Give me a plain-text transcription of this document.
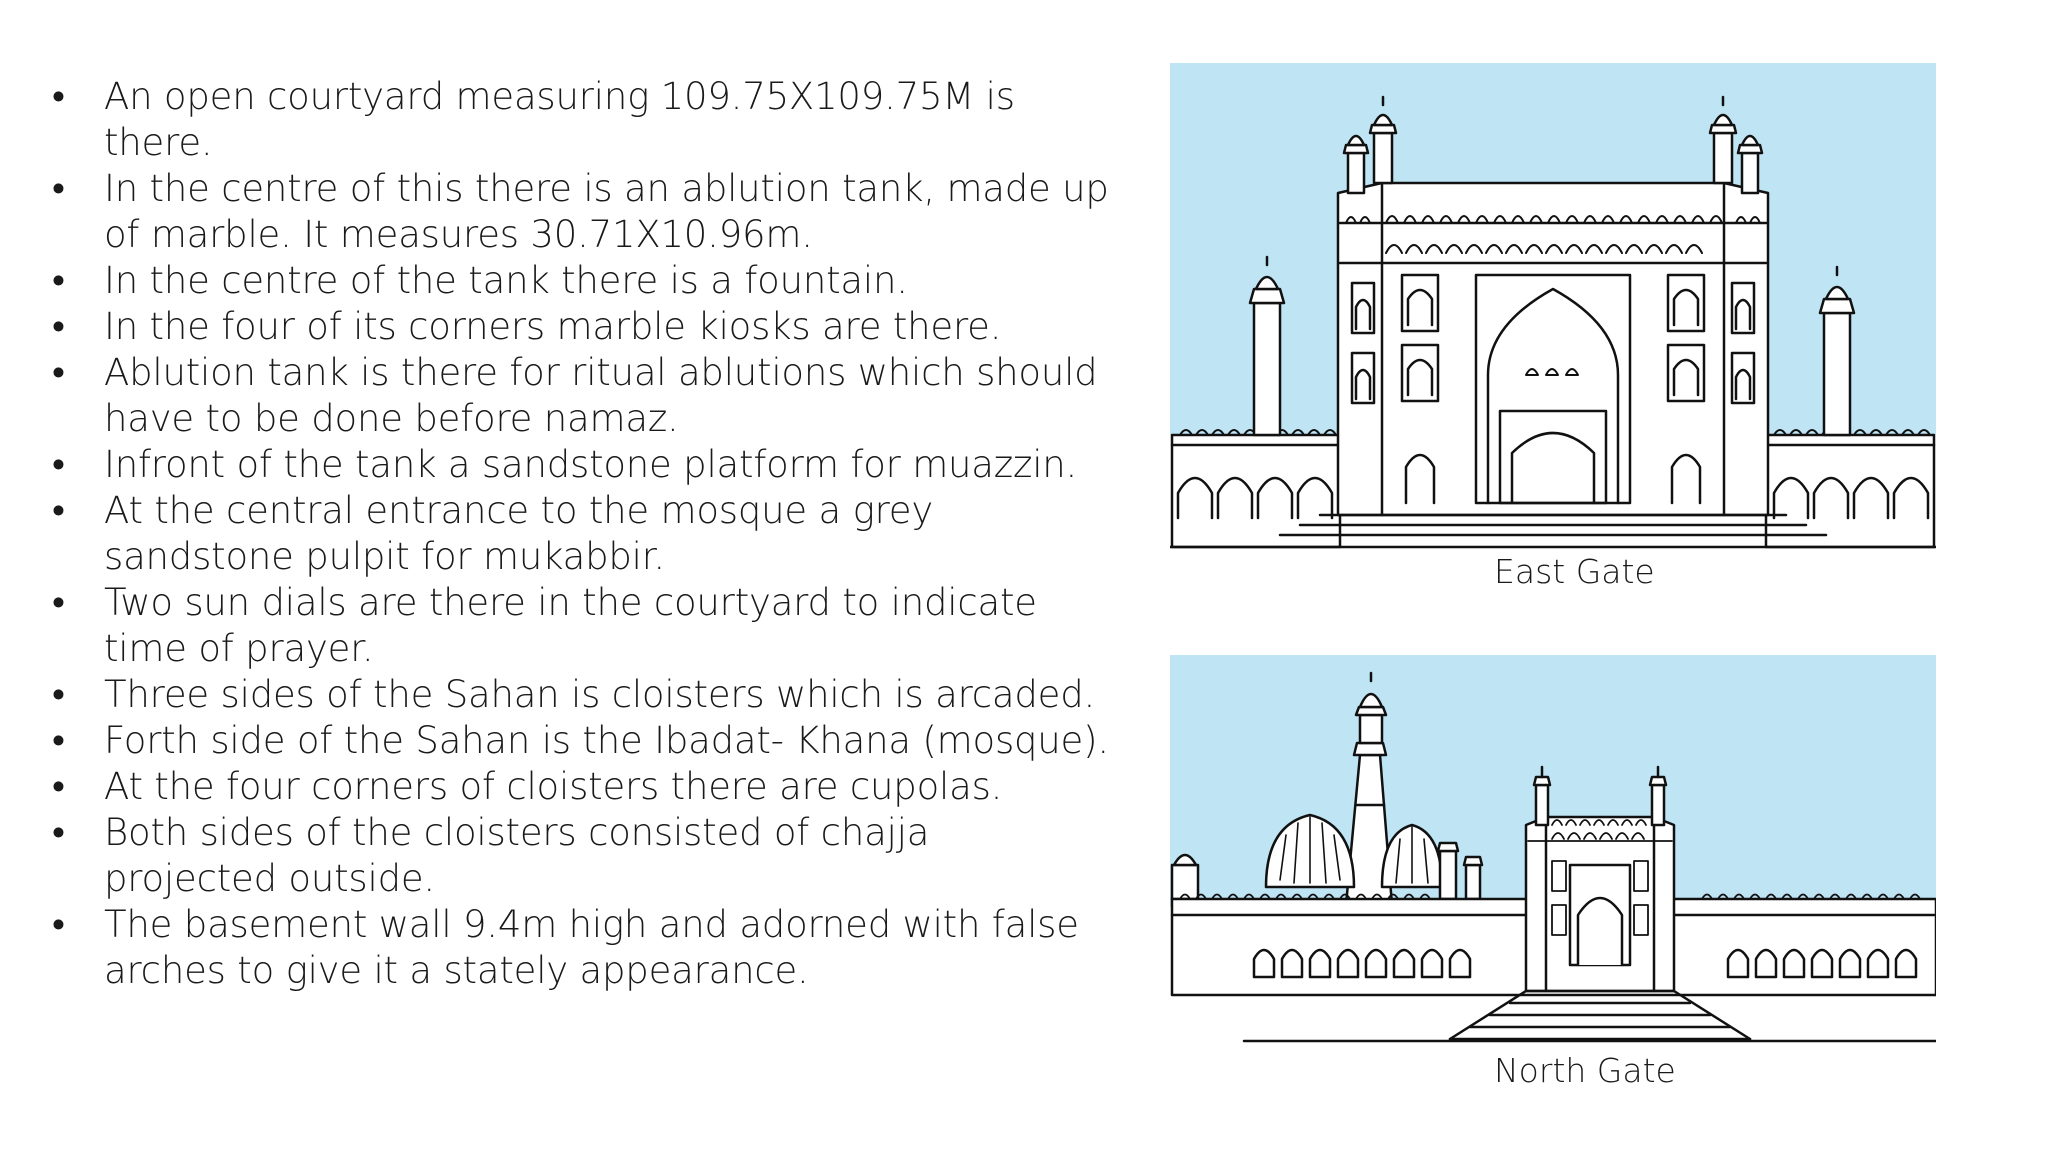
• An open courtyard measuring 109.75X109.75M is there.
• In the centre of this there is an ablution tank, made up of marble. It measures 30.71X10.96m.
• In the centre of the tank there is a fountain.
• In the four of its corners marble kiosks are there.
• Ablution tank is there for ritual ablutions which should have to be done before namaz.
• Infront of the tank a sandstone platform for muazzin.
• At the central entrance to the mosque a grey sandstone pulpit for mukabbir.
• Two sun dials are there in the courtyard to indicate time of prayer.
• Three sides of the Sahan is cloisters which is arcaded.
• Forth side of the Sahan is the Ibadat- Khana (mosque).
• At the four corners of cloisters there are cupolas.
• Both sides of the cloisters consisted of chajja projected outside.
• The basement wall 9.4m high and adorned with false arches to give it a stately appearance.
East Gate
North Gate
